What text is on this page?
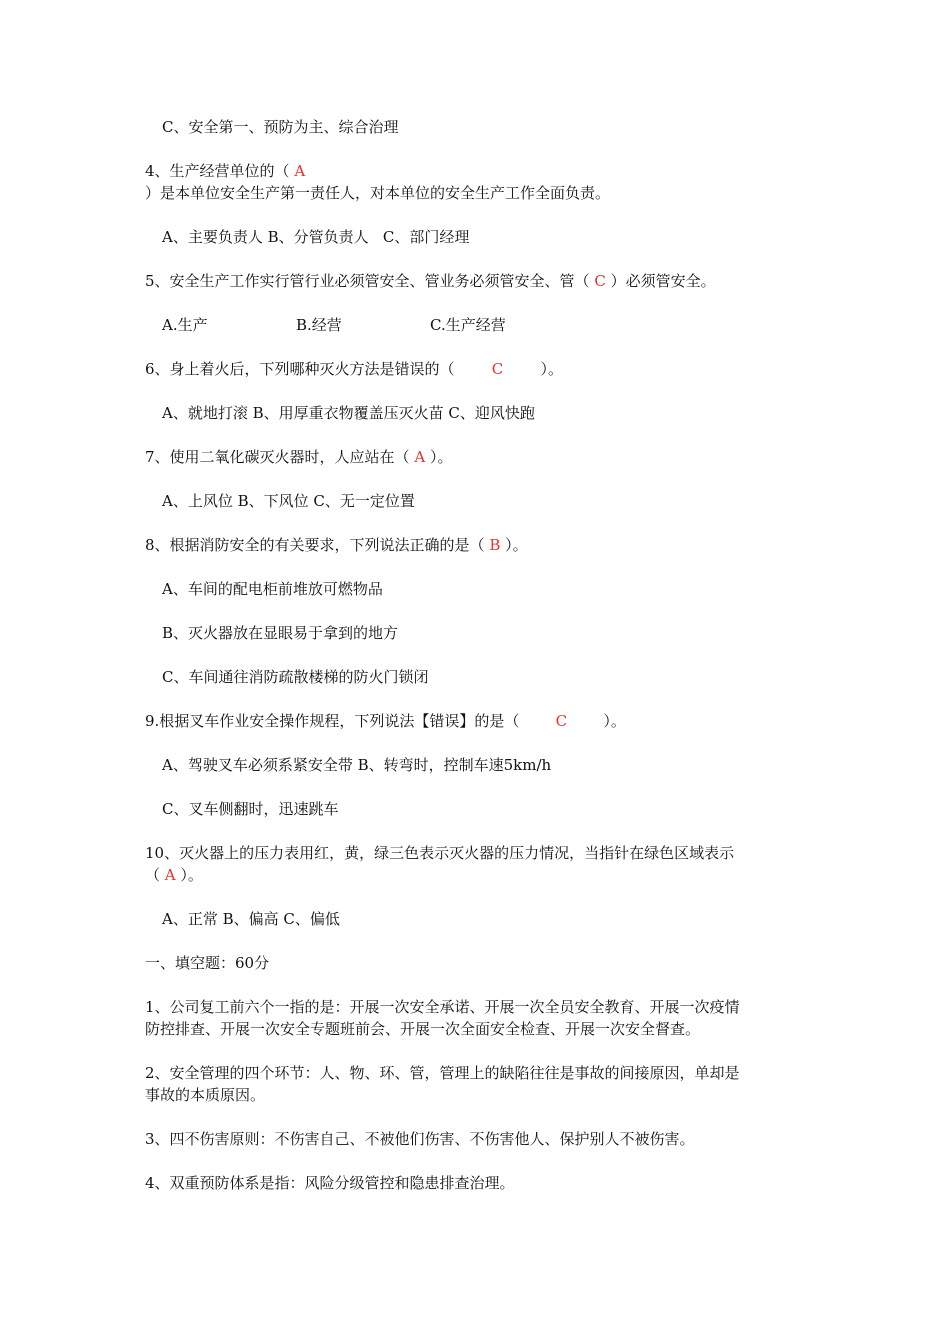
C、安全第一、预防为主、综合治理
4、生产经营单位的（ A
）是本单位安全生产第一责任人，对本单位的安全生产工作全面负责。
A、主要负责人 B、分管负责人   C、部门经理
5、安全生产工作实行管行业必须管安全、管业务必须管安全、管（ C ）必须管安全。
A.生产	B.经营	C.生产经营
6、身上着火后，下列哪种灭火方法是错误的（ C ）。
A、就地打滚 B、用厚重衣物覆盖压灭火苗 C、迎风快跑
7、使用二氧化碳灭火器时，人应站在（ A ）。
A、上风位 B、下风位 C、无一定位置
8、根据消防安全的有关要求，下列说法正确的是（ B ）。
A、车间的配电柜前堆放可燃物品
B、灭火器放在显眼易于拿到的地方
C、车间通往消防疏散楼梯的防火门锁闭
9.根据叉车作业安全操作规程，下列说法【错误】的是（ C ）。
A、驾驶叉车必须系紧安全带 B、转弯时，控制车速5km/h
C、叉车侧翻时，迅速跳车
10、灭火器上的压力表用红，黄，绿三色表示灭火器的压力情况，当指针在绿色区域表示
（ A ）。
A、正常 B、偏高 C、偏低
一、填空题：60分
1、公司复工前六个一指的是：开展一次安全承诺、开展一次全员安全教育、开展一次疫情
防控排查、开展一次安全专题班前会、开展一次全面安全检查、开展一次安全督查。
2、安全管理的四个环节：人、物、环、管，管理上的缺陷往往是事故的间接原因，单却是
事故的本质原因。
3、四不伤害原则：不伤害自己、不被他们伤害、不伤害他人、保护别人不被伤害。
4、双重预防体系是指：风险分级管控和隐患排查治理。
